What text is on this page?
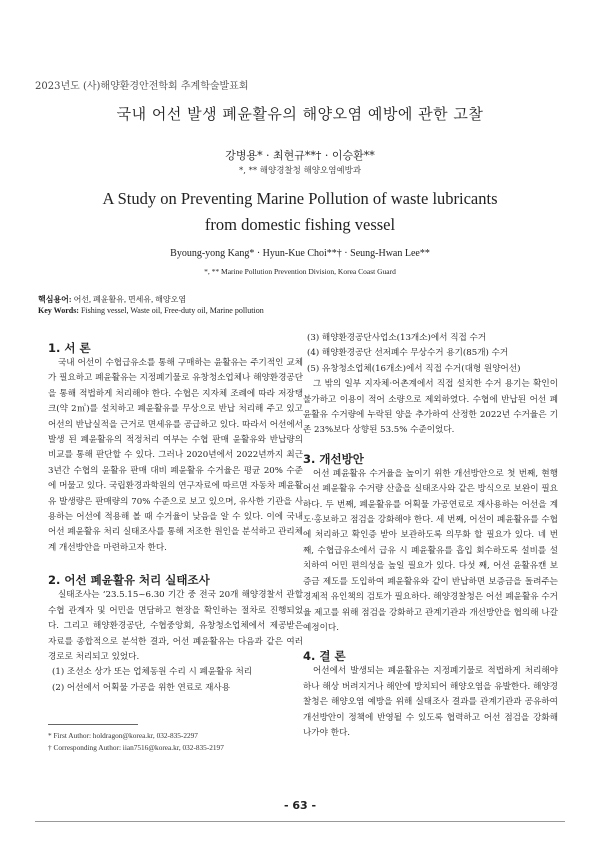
2023년도 (사)해양환경안전학회 추계학술발표회
국내 어선 발생 폐윤활유의 해양오염 예방에 관한 고찰
강병용* · 최현규**† · 이승환**
*, ** 해양경찰청 해양오염예방과
A Study on Preventing Marine Pollution of waste lubricants
from domestic fishing vessel
Byoung-yong Kang* · Hyun-Kue Choi**† · Seung-Hwan Lee**
*, ** Marine Pollution Prevention Division, Korea Coast Guard
핵심용어: 어선, 폐윤활유, 면세유, 해양오염
Key Words: Fishing vessel, Waste oil, Free-duty oil, Marine pollution
1. 서 론

국내 어선이 수협급유소를 통해 구매하는 윤활유는 주기적인 교체가 필요하고 폐윤활유는 지정폐기물로 유창청소업체나 해양환경공단을 통해 적법하게 처리해야 한다. 수협은 지자체 조례에 따라 저장탱크(약 2㎥)를 설치하고 폐윤활유를 무상으로 반납 처리해 주고 있고 어선의 반납실적을 근거로 면세유를 공급하고 있다. 따라서 어선에서 발생 된 폐윤활유의 적정처리 여부는 수협 판매 윤활유와 반납량의 비교를 통해 판단할 수 있다. 그러나 2020년에서 2022년까지 최근 3년간 수협의 윤활유 판매 대비 폐윤활유 수거율은 평균 20% 수준에 머물고 있다. 국립환경과학원의 연구자료에 따르면 자동차 폐윤활유 발생량은 판매량의 70% 수준으로 보고 있으며, 유사한 기관을 사용하는 어선에 적용해 볼 때 수거율이 낮음을 알 수 있다. 이에 국내 어선 폐윤활유 처리 실태조사를 통해 저조한 원인을 분석하고 관리체계 개선방안을 마련하고자 한다.

2. 어선 폐윤활유 처리 실태조사

실태조사는 ‘23.5.15~6.30 기간 중 전국 20개 해양경찰서 관할 수협 관계자 및 어민을 면담하고 현장을 확인하는 절차로 진행되었다. 그리고 해양환경공단, 수협중앙회, 유창청소업체에서 제공받은 자료를 종합적으로 분석한 결과, 어선 폐윤활유는 다음과 같은 여러 경로로 처리되고 있었다.

(1) 조선소 상가 또는 업체동원 수리 시 폐윤활유 처리

(2) 어선에서 어획물 가공을 위한 연료로 재사용

* First Author: holdragon@korea.kr, 032-835-2297
† Corresponding Author: iian7516@korea.kr, 032-835-2197

(3) 해양환경공단사업소(13개소)에서 직접 수거

(4) 해양환경공단 선저폐수 무상수거 용기(85개) 수거

(5) 유창청소업체(16개소)에서 직접 수거(대형 원양어선)

그 밖의 일부 지자체·어촌계에서 직접 설치한 수거 용기는 확인이 불가하고 이용이 적어 소량으로 제외하였다. 수협에 반납된 어선 폐윤활유 수거량에 누락된 양을 추가하여 산정한 2022년 수거율은 기존 23%보다 상향된 53.5% 수준이었다.

3. 개선방안

어선 폐윤활유 수거율을 높이기 위한 개선방안으로 첫 번째, 현행 어선 폐윤활유 수거량 산출을 실태조사와 같은 방식으로 보완이 필요하다. 두 번째, 폐윤활유를 어획물 가공연료로 재사용하는 어선을 계도·홍보하고 점검을 강화해야 한다. 세 번째, 어선이 폐윤활유를 수협에 처리하고 확인증 받아 보관하도록 의무화 할 필요가 있다. 네 번째, 수협급유소에서 급유 시 폐윤활유를 흡입 회수하도록 설비를 설치하여 어민 편의성을 높일 필요가 있다. 다섯 째, 어선 윤활유캔 보증금 제도를 도입하여 폐윤활유와 같이 반납하면 보증금을 돌려주는 경제적 유인책의 검토가 필요하다. 해양경찰청은 어선 폐윤활유 수거율 제고를 위해 점검을 강화하고 관계기관과 개선방안을 협의해 나갈 예정이다.

4. 결 론

어선에서 발생되는 폐윤활유는 지정폐기물로 적법하게 처리해야하나 해상 버려지거나 해안에 방치되어 해양오염을 유발한다. 해양경찰청은 해양오염 예방을 위해 실태조사 결과를 관계기관과 공유하여 개선방안이 정책에 반영될 수 있도록 협력하고 어선 점검을 강화해 나가야 한다.

- 63 -
